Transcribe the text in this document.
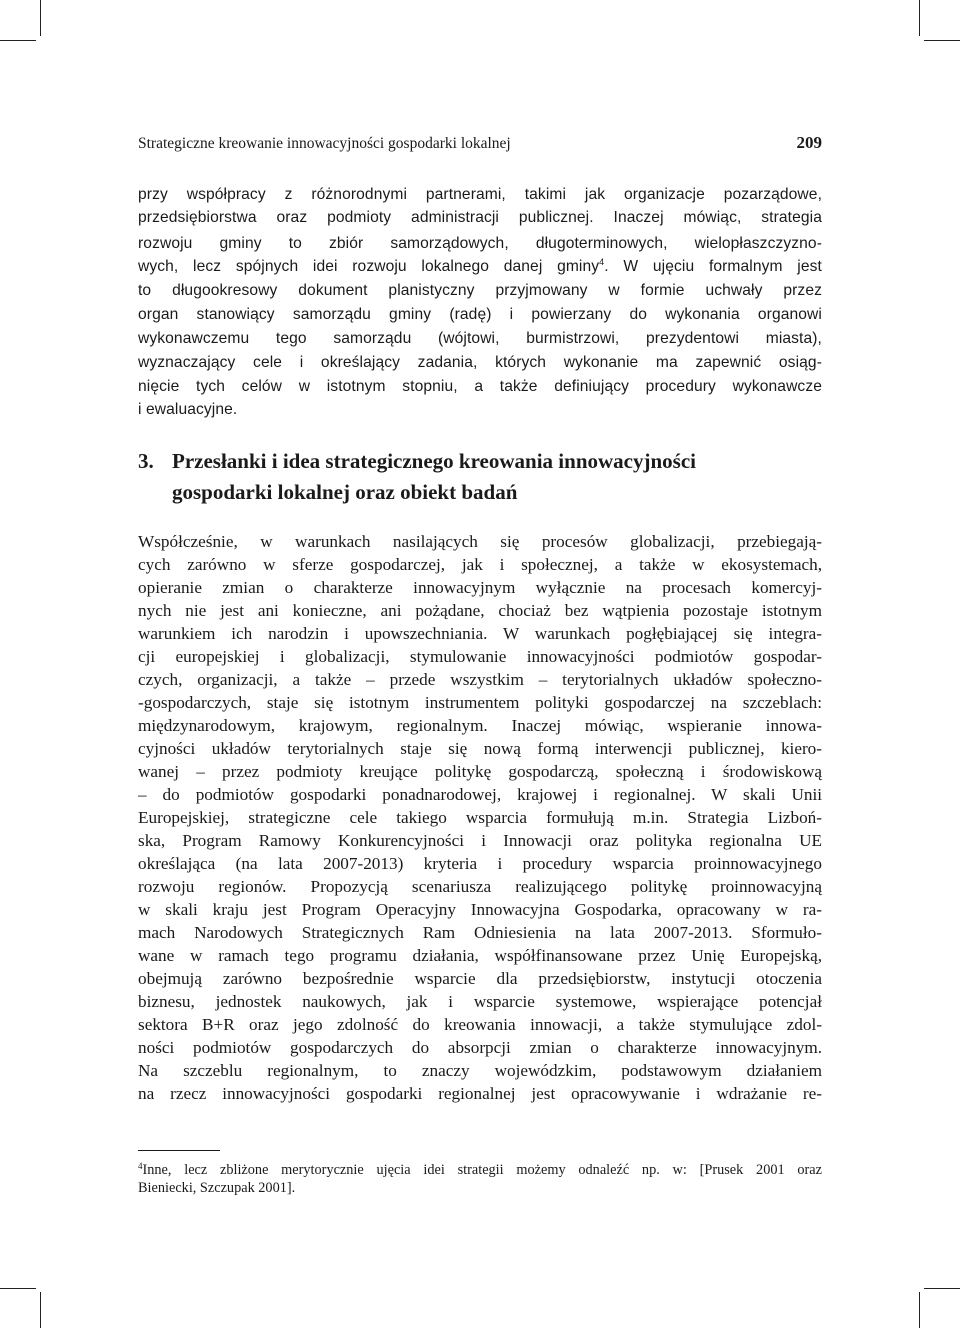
Strategiczne kreowanie innowacyjności gospodarki lokalnej	209
przy współpracy z różnorodnymi partnerami, takimi jak organizacje pozarządowe,
przedsiębiorstwa oraz podmioty administracji publicznej. Inaczej mówiąc, strategia
rozwoju gminy to zbiór samorządowych, długoterminowych, wielopłaszczyzno-
wych, lecz spójnych idei rozwoju lokalnego danej gminy$^4$. W ujęciu formalnym jest
to długookresowy dokument planistyczny przyjmowany w formie uchwały przez
organ stanowiący samorządu gminy (radę) i powierzany do wykonania organowi
wykonawczemu tego samorządu (wójtowi, burmistrzowi, prezydentowi miasta),
wyznaczający cele i określający zadania, których wykonanie ma zapewnić osiąg-
nięcie tych celów w istotnym stopniu, a także definiujący procedury wykonawcze
i ewaluacyjne.
3. Przesłanki i idea strategicznego kreowania innowacyjności
gospodarki lokalnej oraz obiekt badań
Współcześnie, w warunkach nasilających się procesów globalizacji, przebiegają-
cych zarówno w sferze gospodarczej, jak i społecznej, a także w ekosystemach,
opieranie zmian o charakterze innowacyjnym wyłącznie na procesach komercyj-
nych nie jest ani konieczne, ani pożądane, chociaż bez wątpienia pozostaje istotnym
warunkiem ich narodzin i upowszechniania. W warunkach pogłębiającej się integra-
cji europejskiej i globalizacji, stymulowanie innowacyjności podmiotów gospodar-
czych, organizacji, a także – przede wszystkim – terytorialnych układów społeczno-
-gospodarczych, staje się istotnym instrumentem polityki gospodarczej na szczeblach:
międzynarodowym, krajowym, regionalnym. Inaczej mówiąc, wspieranie innowa-
cyjności układów terytorialnych staje się nową formą interwencji publicznej, kiero-
wanej – przez podmioty kreujące politykę gospodarczą, społeczną i środowiskową
– do podmiotów gospodarki ponadnarodowej, krajowej i regionalnej. W skali Unii
Europejskiej, strategiczne cele takiego wsparcia formułują m.in. Strategia Lizboń-
ska, Program Ramowy Konkurencyjności i Innowacji oraz polityka regionalna UE
określająca (na lata 2007-2013) kryteria i procedury wsparcia proinnowacyjnego
rozwoju regionów. Propozycją scenariusza realizującego politykę proinnowacyjną
w skali kraju jest Program Operacyjny Innowacyjna Gospodarka, opracowany w ra-
mach Narodowych Strategicznych Ram Odniesienia na lata 2007-2013. Sformuło-
wane w ramach tego programu działania, współfinansowane przez Unię Europejską,
obejmują zarówno bezpośrednie wsparcie dla przedsiębiorstw, instytucji otoczenia
biznesu, jednostek naukowych, jak i wsparcie systemowe, wspierające potencjał
sektora B+R oraz jego zdolność do kreowania innowacji, a także stymulujące zdol-
ności podmiotów gospodarczych do absorpcji zmian o charakterze innowacyjnym.
Na szczeblu regionalnym, to znaczy wojewódzkim, podstawowym działaniem
na rzecz innowacyjności gospodarki regionalnej jest opracowywanie i wdrażanie re-
$^4$Inne, lecz zbliżone merytorycznie ujęcia idei strategii możemy odnaleźć np. w: [Prusek 2001 oraz
Bieniecki, Szczupak 2001].
